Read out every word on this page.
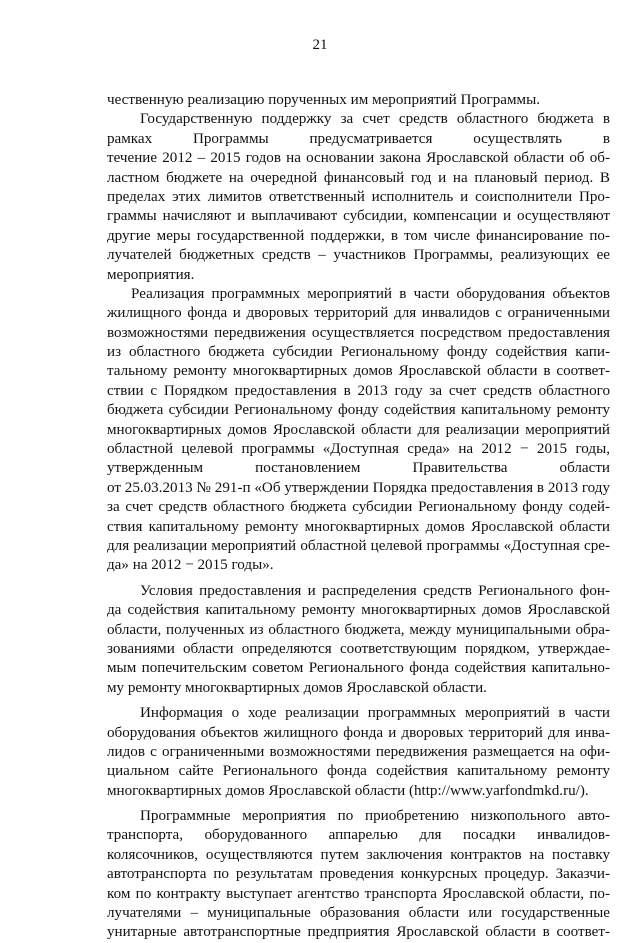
21
чественную реализацию порученных им мероприятий Программы.
Государственную поддержку за счет средств областного бюджета в
рамках Программы предусматривается осуществлять в
течение 2012 – 2015 годов на основании закона Ярославской области об об-
ластном бюджете на очередной финансовый год и на плановый период. В
пределах этих лимитов ответственный исполнитель и соисполнители Про-
граммы начисляют и выплачивают субсидии, компенсации и осуществляют
другие меры государственной поддержки, в том числе финансирование по-
лучателей бюджетных средств – участников Программы, реализующих ее
мероприятия.
Реализация программных мероприятий в части оборудования объектов
жилищного фонда и дворовых территорий для инвалидов с ограниченными
возможностями передвижения осуществляется посредством предоставления
из областного бюджета субсидии Региональному фонду содействия капи-
тальному ремонту многоквартирных домов Ярославской области в соответ-
ствии с Порядком предоставления в 2013 году за счет средств областного
бюджета субсидии Региональному фонду содействия капитальному ремонту
многоквартирных домов Ярославской области для реализации мероприятий
областной целевой программы «Доступная среда» на 2012 − 2015 годы,
утвержденным постановлением Правительства области
от 25.03.2013 № 291-п «Об утверждении Порядка предоставления в 2013 году
за счет средств областного бюджета субсидии Региональному фонду содей-
ствия капитальному ремонту многоквартирных домов Ярославской области
для реализации мероприятий областной целевой программы «Доступная сре-
да» на 2012 − 2015 годы».
Условия предоставления и распределения средств Регионального фон-
да содействия капитальному ремонту многоквартирных домов Ярославской
области, полученных из областного бюджета, между муниципальными обра-
зованиями области определяются соответствующим порядком, утверждае-
мым попечительским советом Регионального фонда содействия капитально-
му ремонту многоквартирных домов Ярославской области.
Информация о ходе реализации программных мероприятий в части
оборудования объектов жилищного фонда и дворовых территорий для инва-
лидов с ограниченными возможностями передвижения размещается на офи-
циальном сайте Регионального фонда содействия капитальному ремонту
многоквартирных домов Ярославской области (http://www.yarfondmkd.ru/).
Программные мероприятия по приобретению низкопольного авто-
транспорта, оборудованного аппарелью для посадки инвалидов-
колясочников, осуществляются путем заключения контрактов на поставку
автотранспорта по результатам проведения конкурсных процедур. Заказчи-
ком по контракту выступает агентство транспорта Ярославской области, по-
лучателями – муниципальные образования области или государственные
унитарные автотранспортные предприятия Ярославской области в соответ-
